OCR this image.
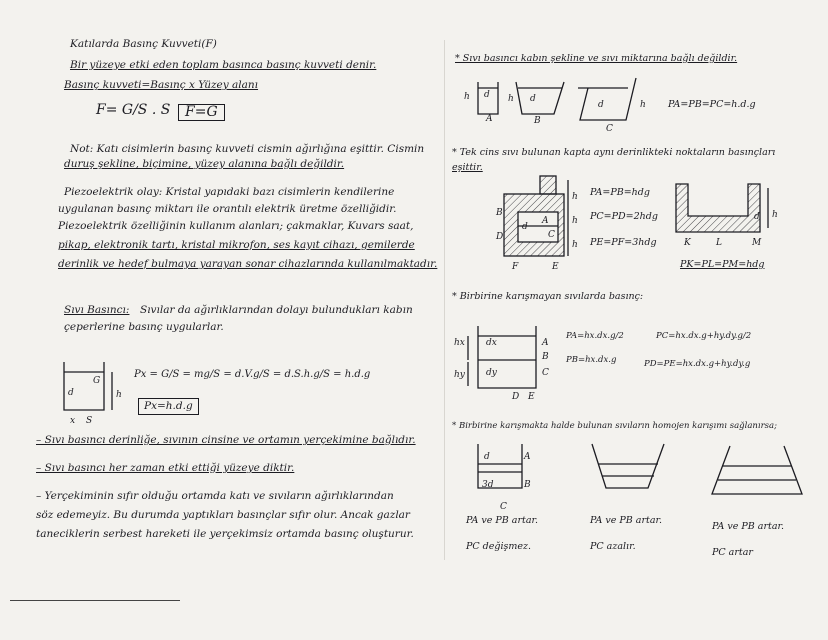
Katılarda Basınç Kuvveti(F)
Bir yüzeye etki eden toplam basınca basınç kuvveti denir.
Basınç kuvveti=Basınç x Yüzey alanı
F= G/S . S	F=G
Not: Katı cisimlerin basınç kuvveti cismin ağırlığına eşittir. Cismin
duruş şekline, biçimine, yüzey alanına bağlı değildir.
Piezoelektrik olay: Kristal yapıdaki bazı cisimlerin kendilerine
uygulanan basınç miktarı ile orantılı elektrik üretme özelliğidir.
Piezoelektrik özelliğinin kullanım alanları; çakmaklar, Kuvars saat,
pikap, elektronik tartı, kristal mikrofon, ses kayıt cihazı, gemilerde
derinlik ve hedef bulmaya yarayan sonar cihazlarında kullanılmaktadır.
Sıvı Basıncı: Sıvılar da ağırlıklarından dolayı bulundukları kabın
çeperlerine basınç uygularlar.
G
d	h
x S
Px = G/S = mg/S = d.V.g/S = d.S.h.g/S = h.d.g
Px=h.d.g
– Sıvı basıncı derinliğe, sıvının cinsine ve ortamın yerçekimine bağlıdır.
– Sıvı basıncı her zaman etki ettiği yüzeye diktir.
– Yerçekiminin sıfır olduğu ortamda katı ve sıvıların ağırlıklarından
söz edemeyiz. Bu durumda yaptıkları basınçlar sıfır olur. Ancak gazlar
taneciklerin serbest hareketi ile yerçekimsiz ortamda basınç oluşturur.
* Sıvı basıncı kabın şekline ve sıvı miktarına bağlı değildir.
h d
A
h d
B
d	h
C
PA=PB=PC=h.d.g
* Tek cins sıvı bulunan kapta aynı derinlikteki noktaların basınçları
eşittir.
B
D
A
C
d
F	E
h
h
h
PA=PB=hdg
PC=PD=2hdg
PE=PF=3hdg	K	L	M
d h
PK=PL=PM=hdg
* Birbirine karışmayan sıvılarda basınç:
hx dx
hy dy
A
B
C
D E
PA=hx.dx.g/2	PC=hx.dx.g+hy.dy.g/2
PB=hx.dx.g	PD=PE=hx.dx.g+hy.dy.g
* Birbirine karışmakta halde bulunan sıvıların homojen karışımı sağlanırsa;
d
3d
A
B
C
PA ve PB artar.
PC değişmez.
PA ve PB artar.
PC azalır.
PA ve PB artar.
PC artar
